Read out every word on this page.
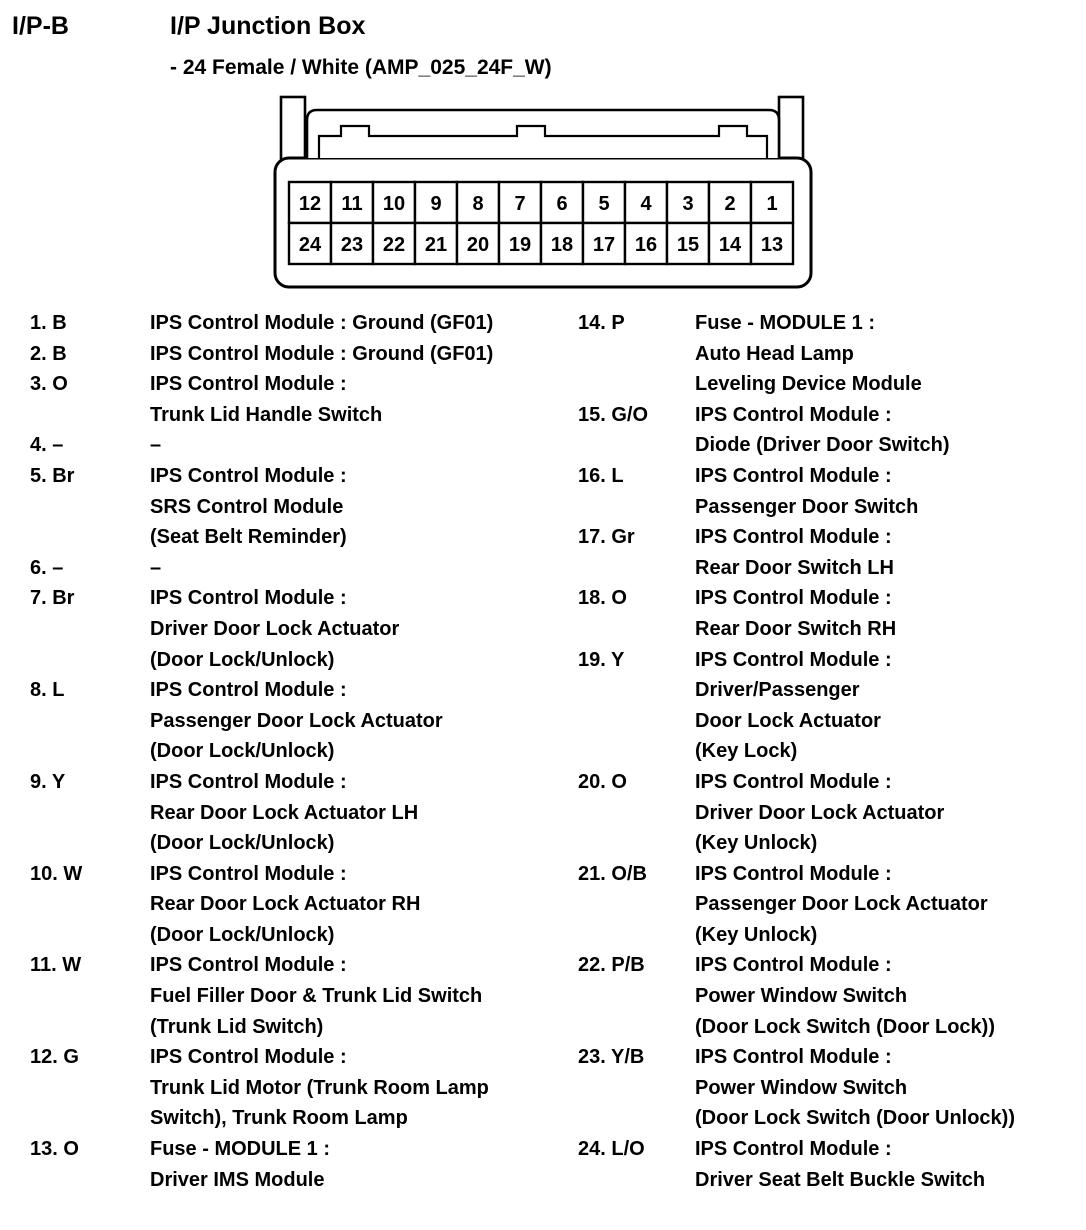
I/P-B	I/P Junction Box
- 24 Female / White (AMP_025_24F_W)
12 11 10 9 8 7 6 5 4 3 2 1
24 23 22 21 20 19 18 17 16 15 14 13
1. B	IPS Control Module : Ground (GF01)
2. B	IPS Control Module : Ground (GF01)
3. O	IPS Control Module :
Trunk Lid Handle Switch
4. –	–
5. Br	IPS Control Module :
SRS Control Module
(Seat Belt Reminder)
6. –	–
7. Br	IPS Control Module :
Driver Door Lock Actuator
(Door Lock/Unlock)
8. L	IPS Control Module :
Passenger Door Lock Actuator
(Door Lock/Unlock)
9. Y	IPS Control Module :
Rear Door Lock Actuator LH
(Door Lock/Unlock)
10. W	IPS Control Module :
Rear Door Lock Actuator RH
(Door Lock/Unlock)
11. W	IPS Control Module :
Fuel Filler Door & Trunk Lid Switch
(Trunk Lid Switch)
12. G	IPS Control Module :
Trunk Lid Motor (Trunk Room Lamp
Switch), Trunk Room Lamp
13. O	Fuse - MODULE 1 :
Driver IMS Module
14. P	Fuse - MODULE 1 :
Auto Head Lamp
Leveling Device Module
15. G/O	IPS Control Module :
Diode (Driver Door Switch)
16. L	IPS Control Module :
Passenger Door Switch
17. Gr	IPS Control Module :
Rear Door Switch LH
18. O	IPS Control Module :
Rear Door Switch RH
19. Y	IPS Control Module :
Driver/Passenger
Door Lock Actuator
(Key Lock)
20. O	IPS Control Module :
Driver Door Lock Actuator
(Key Unlock)
21. O/B	IPS Control Module :
Passenger Door Lock Actuator
(Key Unlock)
22. P/B	IPS Control Module :
Power Window Switch
(Door Lock Switch (Door Lock))
23. Y/B	IPS Control Module :
Power Window Switch
(Door Lock Switch (Door Unlock))
24. L/O	IPS Control Module :
Driver Seat Belt Buckle Switch
